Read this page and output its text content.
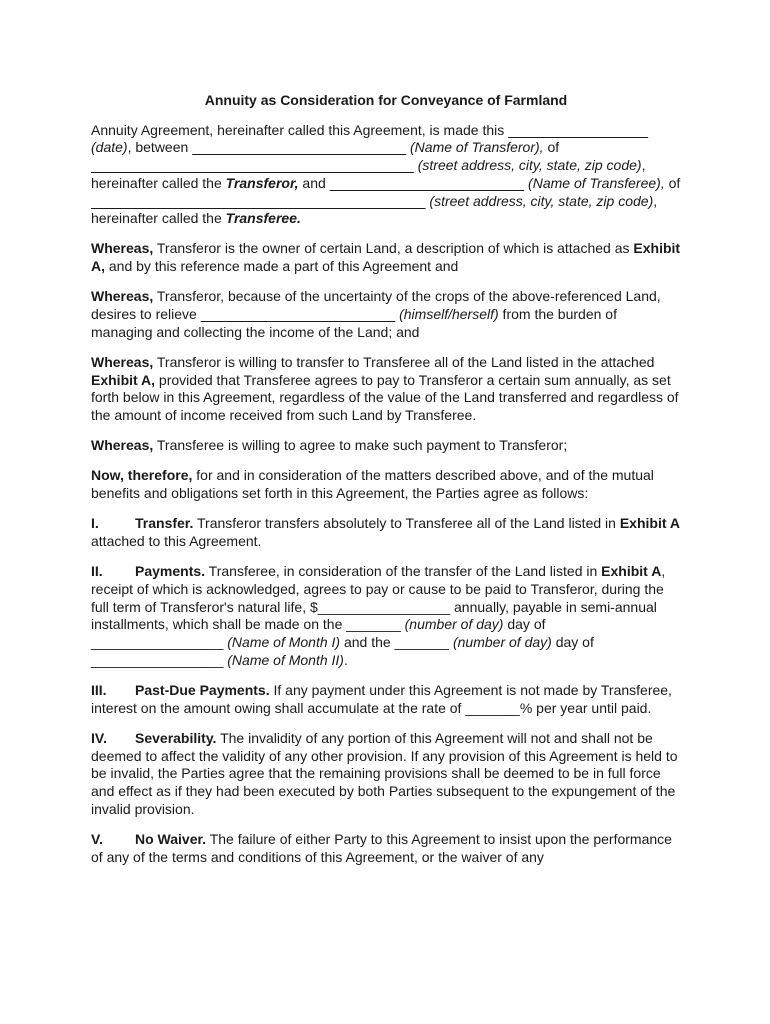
Annuity as Consideration for Conveyance of Farmland

Annuity Agreement, hereinafter called this Agreement, is made this                                      (date), between	(Name of Transferor), of                                                                                     (street address, city, state, zip code), hereinafter called the Transferor, and	(Name of Transferee), of                                                                                        (street address, city, state, zip code), hereinafter called the Transferee.

Whereas, Transferor is the owner of certain Land, a description of which is attached as Exhibit A, and by this reference made a part of this Agreement and

Whereas, Transferor, because of the uncertainty of the crops of the above-referenced Land, desires to relieve	(himself/herself) from the burden of managing and collecting the income of the Land; and

Whereas, Transferor is willing to transfer to Transferee all of the Land listed in the attached Exhibit A, provided that Transferee agrees to pay to Transferor a certain sum annually, as set forth below in this Agreement, regardless of the value of the Land transferred and regardless of the amount of income received from such Land by Transferee.

Whereas, Transferee is willing to agree to make such payment to Transferor;

Now, therefore, for and in consideration of the matters described above, and of the mutual benefits and obligations set forth in this Agreement, the Parties agree as follows:

I.	Transfer. Transferor transfers absolutely to Transferee all of the Land listed in Exhibit A attached to this Agreement.

II. Payments. Transferee, in consideration of the transfer of the Land listed in Exhibit A, receipt of which is acknowledged, agrees to pay or cause to be paid to Transferor, during the full term of Transferor's natural life, $_________________ annually, payable in semi-annual installments, which shall be made on the _______ (number of day) day of _________________ (Name of Month I) and the _______ (number of day) day of _________________ (Name of Month II).

III. Past-Due Payments. If any payment under this Agreement is not made by Transferee, interest on the amount owing shall accumulate at the rate of _______% per year until paid.

IV. Severability. The invalidity of any portion of this Agreement will not and shall not be deemed to affect the validity of any other provision. If any provision of this Agreement is held to be invalid, the Parties agree that the remaining provisions shall be deemed to be in full force and effect as if they had been executed by both Parties subsequent to the expungement of the invalid provision.

V. No Waiver. The failure of either Party to this Agreement to insist upon the performance of any of the terms and conditions of this Agreement, or the waiver of any
